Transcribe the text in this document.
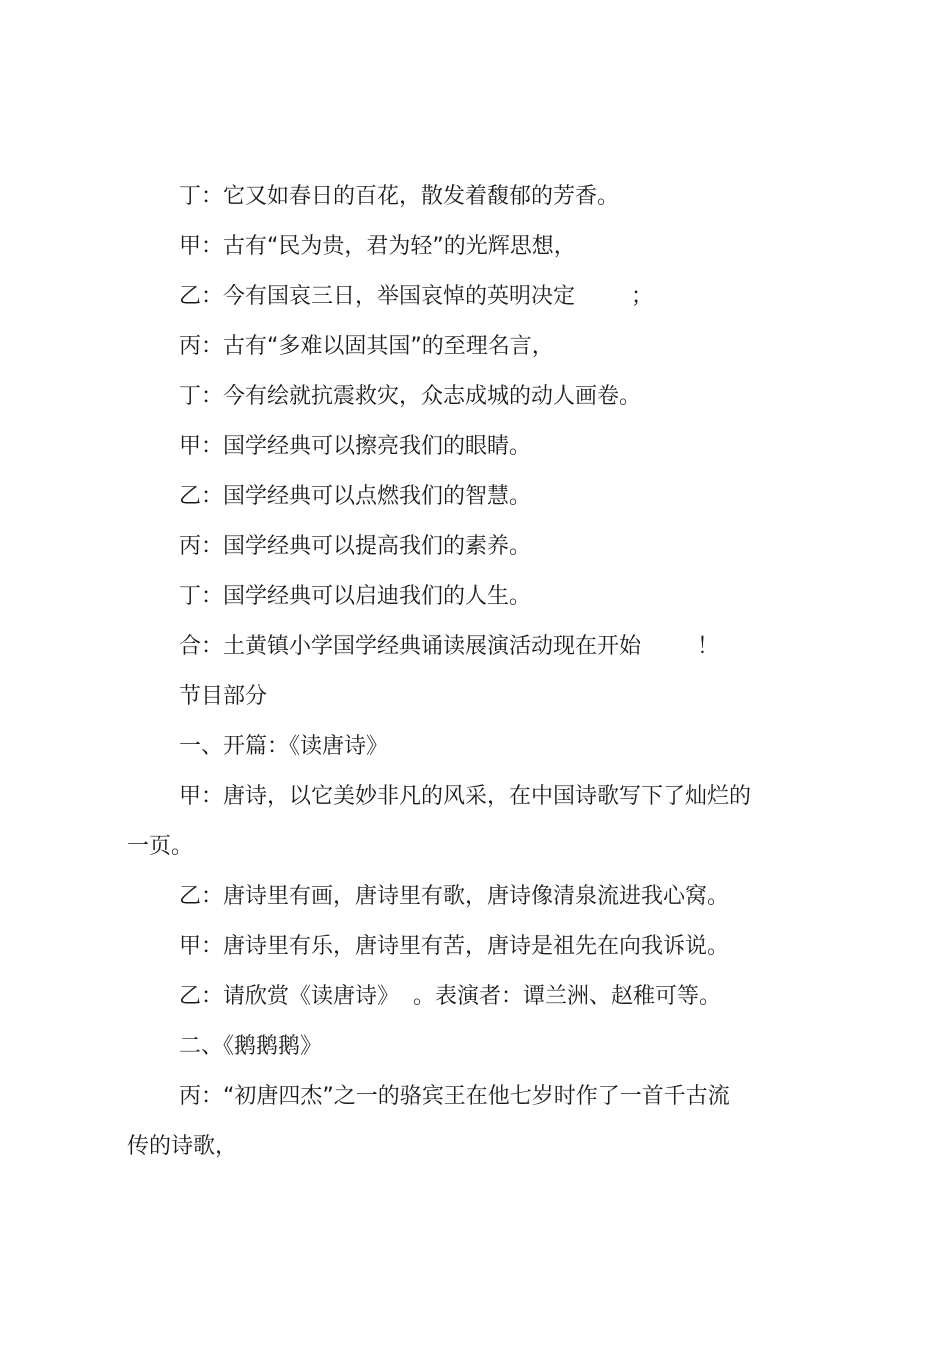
丁：它又如春日的百花，散发着馥郁的芳香。

甲：古有“民为贵，君为轻”的光辉思想，

乙：今有国哀三日，举国哀悼的英明决定        ；

丙：古有“多难以固其国”的至理名言，

丁：今有绘就抗震救灾，众志成城的动人画卷。

甲：国学经典可以擦亮我们的眼睛。

乙：国学经典可以点燃我们的智慧。

丙：国学经典可以提高我们的素养。

丁：国学经典可以启迪我们的人生。

合：土黄镇小学国学经典诵读展演活动现在开始        ！

节目部分

一、开篇：《读唐诗》

甲：唐诗，以它美妙非凡的风采，在中国诗歌写下了灿烂的

一页。

乙：唐诗里有画，唐诗里有歌，唐诗像清泉流进我心窝。

甲：唐诗里有乐，唐诗里有苦，唐诗是祖先在向我诉说。

乙：请欣赏《读唐诗》  。表演者：谭兰洲、赵稚可等。

二、《鹅鹅鹅》

丙：“初唐四杰”之一的骆宾王在他七岁时作了一首千古流

传的诗歌，
